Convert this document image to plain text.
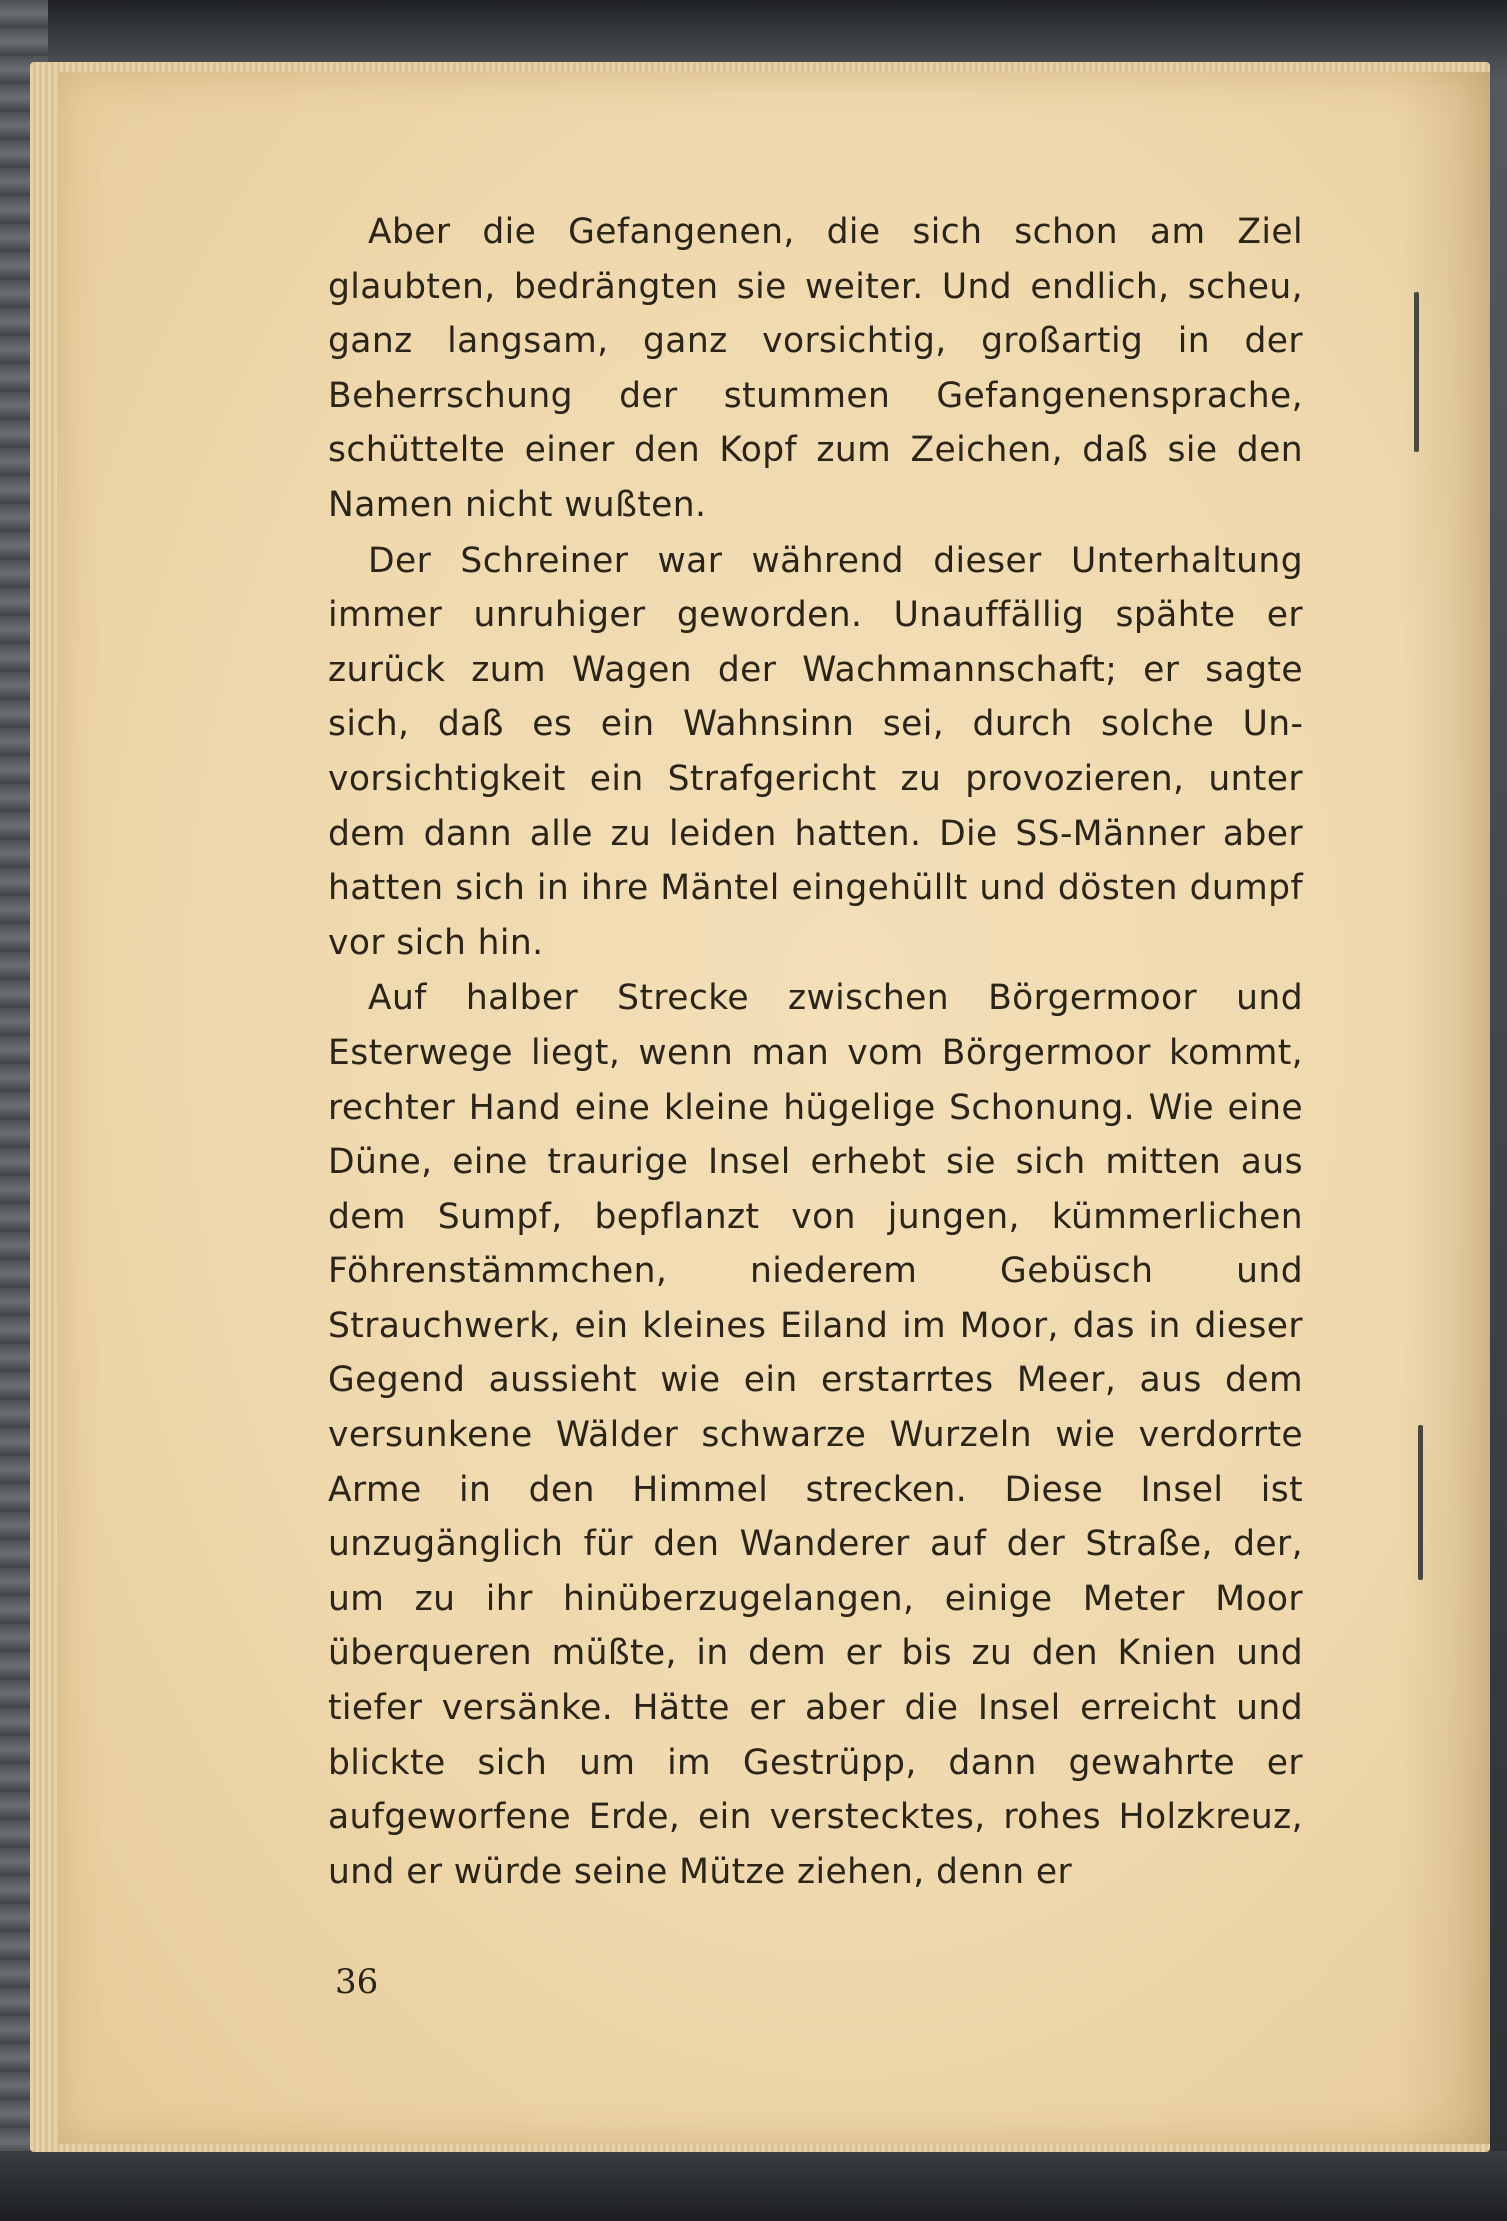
Aber die Gefangenen, die sich schon am Ziel glaubten, bedrängten sie weiter. Und endlich, scheu, ganz langsam, ganz vorsichtig, großartig in der Beherrschung der stummen Gefangenensprache, schüttelte einer den Kopf zum Zeichen, daß sie den Namen nicht wußten.

Der Schreiner war während dieser Unterhaltung immer unruhiger geworden. Unauffällig spähte er zurück zum Wagen der Wachmannschaft; er sagte sich, daß es ein Wahnsinn sei, durch solche Unvorsichtigkeit ein Strafgericht zu provozieren, unter dem dann alle zu leiden hatten. Die SS-Männer aber hatten sich in ihre Mäntel eingehüllt und dösten dumpf vor sich hin.

Auf halber Strecke zwischen Börgermoor und Esterwege liegt, wenn man vom Börgermoor kommt, rechter Hand eine kleine hügelige Schonung. Wie eine Düne, eine traurige Insel erhebt sie sich mitten aus dem Sumpf, bepflanzt von jungen, kümmerlichen Föhrenstämmchen, niederem Gebüsch und Strauchwerk, ein kleines Eiland im Moor, das in dieser Gegend aussieht wie ein erstarrtes Meer, aus dem versunkene Wälder schwarze Wurzeln wie verdorrte Arme in den Himmel strecken. Diese Insel ist unzugänglich für den Wanderer auf der Straße, der, um zu ihr hinüberzugelangen, einige Meter Moor überqueren müßte, in dem er bis zu den Knien und tiefer versänke. Hätte er aber die Insel erreicht und blickte sich um im Gestrüpp, dann gewahrte er aufgeworfene Erde, ein verstecktes, rohes Holzkreuz, und er würde seine Mütze ziehen, denn er

36
